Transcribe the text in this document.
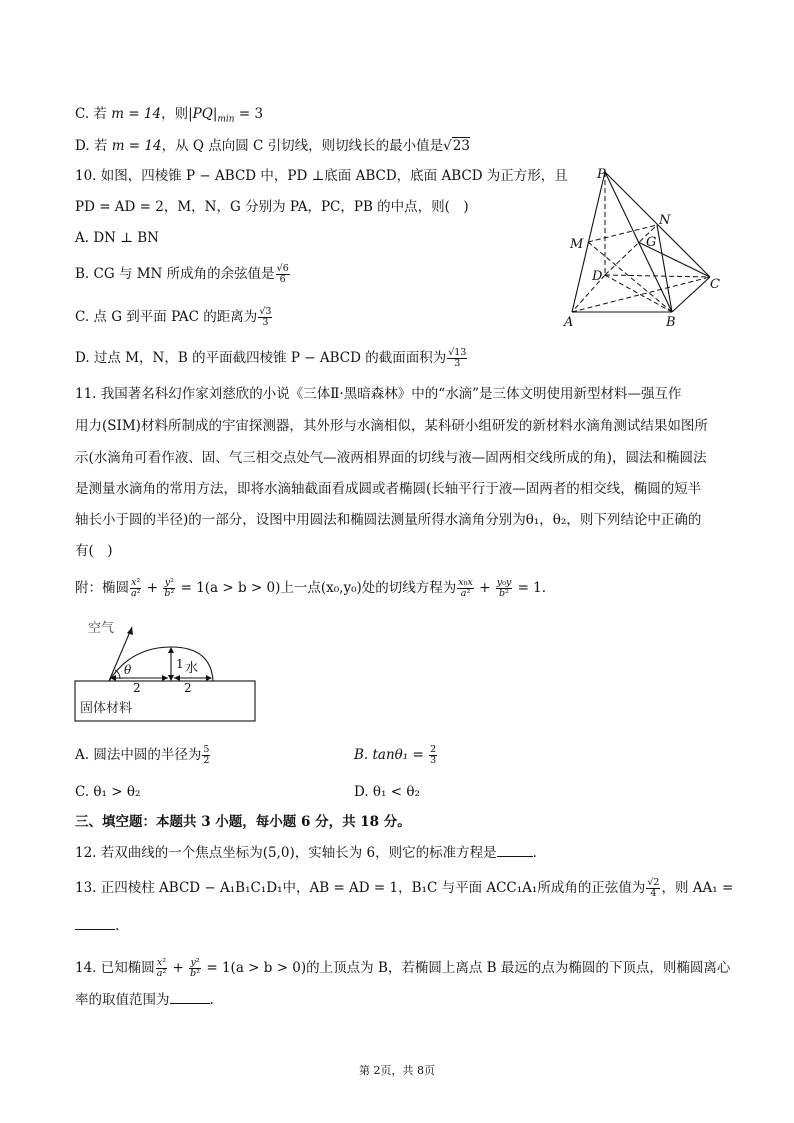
C. 若 m = 14，则$|PQ|_{min} = 3$
D. 若 m = 14，从 Q 点向圆 C 引切线，则切线长的最小值是√23
10. 如图，四棱锥 P − ABCD 中，PD ⊥底面 ABCD，底面 ABCD 为正方形，且
PD = AD = 2，M，N，G 分别为 PA，PC，PB 的中点，则(　)
A. DN ⊥ BN
B. CG 与 MN 所成角的余弦值是 $\frac{√6}{6}$
C. 点 G 到平面 PAC 的距离为 $\frac{√3}{3}$
D. 过点 M，N，B 的平面截四棱锥 P − ABCD 的截面面积为 $\frac{√13}{3}$
P
N
M	G
D
C
A	B
11. 我国著名科幻作家刘慈欣的小说《三体Ⅱ·黑暗森林》中的“水滴”是三体文明使用新型材料—强互作
用力(SIM)材料所制成的宇宙探测器，其外形与水滴相似，某科研小组研发的新材料水滴角测试结果如图所
示(水滴角可看作液、固、气三相交点处气—液两相界面的切线与液—固两相交线所成的角)，圆法和椭圆法
是测量水滴角的常用方法，即将水滴轴截面看成圆或者椭圆(长轴平行于液—固两者的相交线，椭圆的短半
轴长小于圆的半径)的一部分，设图中用圆法和椭圆法测量所得水滴角分别为θ₁，θ₂，则下列结论中正确的
有(　)
附：椭圆 $\frac{\text{x²}}{\text{a²}} + \frac{\text{y²}}{\text{b²}} = 1(a > b > 0)$上一点(x₀,y₀)处的切线方程为 $\frac{\text{x₀x}}{\text{a²}} + \frac{\text{y₀y}}{\text{b²}} = 1$.
空气
水
固体材料
θ	1
2	2
A. 圆法中圆的半径为 $\frac{5}{2}$	B. $\tan\theta_1 = \frac{2}{3}$
C. θ₁ > θ₂	D. θ₁ < θ₂
三、填空题：本题共 3 小题，每小题 6 分，共 18 分。
12. 若双曲线的一个焦点坐标为(5,0)，实轴长为 6，则它的标准方程是	.
13. 正四棱柱 ABCD − A₁B₁C₁D₁中，AB = AD = 1，B₁C 与平面 ACC₁A₁所成角的正弦值为 $\frac{√2}{4}$ ，则 AA₁ =
.
14. 已知椭圆 $\frac{\text{x²}}{\text{a²}} + \frac{\text{y²}}{\text{b²}} = 1(a > b > 0)$的上顶点为 B，若椭圆上离点 B 最远的点为椭圆的下顶点，则椭圆离心
率的取值范围为	.
第 2页，共 8页
